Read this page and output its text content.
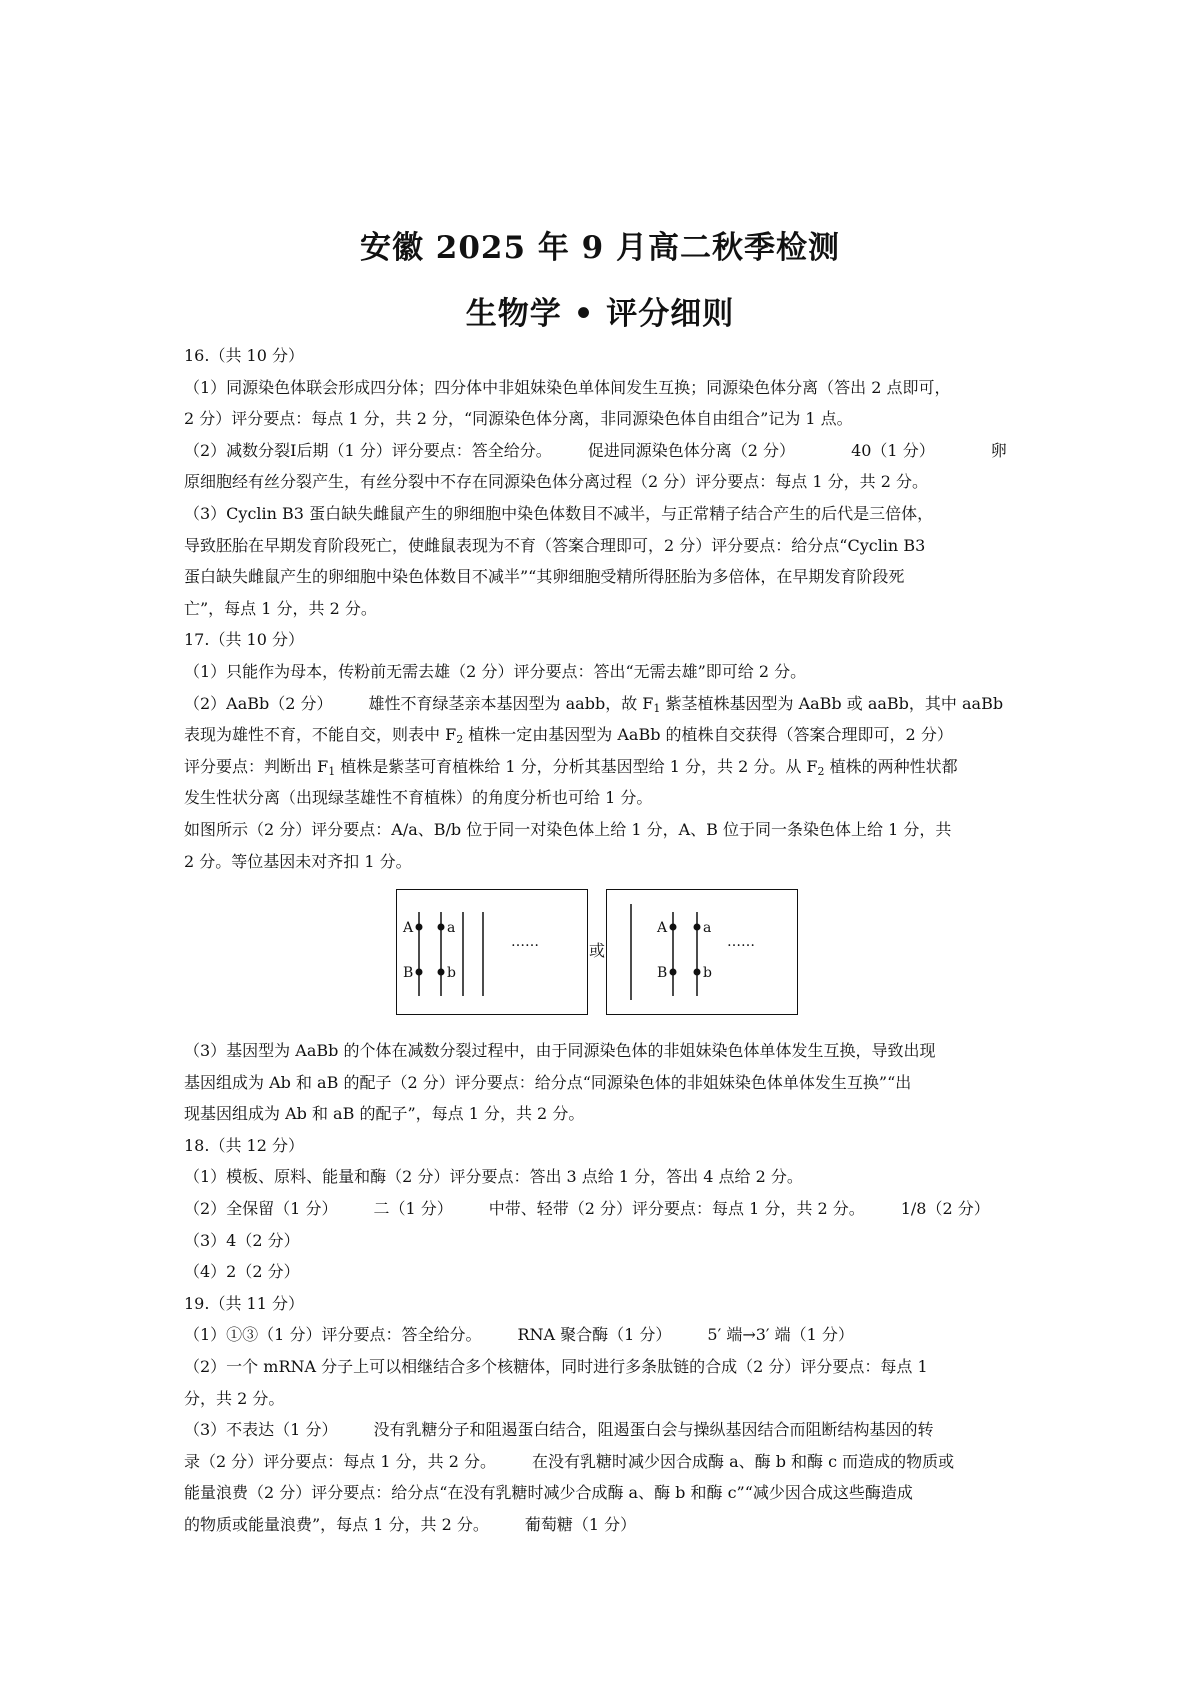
安徽 2025 年 9 月高二秋季检测
生物学 • 评分细则
16.（共 10 分）
（1）同源染色体联会形成四分体；四分体中非姐妹染色单体间发生互换；同源染色体分离（答出 2 点即可，
2 分）评分要点：每点 1 分，共 2 分，“同源染色体分离，非同源染色体自由组合”记为 1 点。
（2）减数分裂Ⅰ后期（1 分）评分要点：答全给分。 促进同源染色体分离（2 分）	40（1 分）	卵
原细胞经有丝分裂产生，有丝分裂中不存在同源染色体分离过程（2 分）评分要点：每点 1 分，共 2 分。
（3）Cyclin B3 蛋白缺失雌鼠产生的卵细胞中染色体数目不减半，与正常精子结合产生的后代是三倍体，
导致胚胎在早期发育阶段死亡，使雌鼠表现为不育（答案合理即可，2 分）评分要点：给分点“Cyclin B3
蛋白缺失雌鼠产生的卵细胞中染色体数目不减半”“其卵细胞受精所得胚胎为多倍体，在早期发育阶段死
亡”，每点 1 分，共 2 分。
17.（共 10 分）
（1）只能作为母本，传粉前无需去雄（2 分）评分要点：答出“无需去雄”即可给 2 分。
（2）AaBb（2 分） 雄性不育绿茎亲本基因型为 aabb，故 $F_1$ 紫茎植株基因型为 AaBb 或 aaBb，其中 aaBb
表现为雄性不育，不能自交，则表中 $F_2$ 植株一定由基因型为 AaBb 的植株自交获得（答案合理即可，2 分）
评分要点：判断出 $F_1$ 植株是紫茎可育植株给 1 分，分析其基因型给 1 分，共 2 分。从 $F_2$ 植株的两种性状都
发生性状分离（出现绿茎雄性不育植株）的角度分析也可给 1 分。
如图所示（2 分）评分要点：A/a、B/b 位于同一对染色体上给 1 分，A、B 位于同一条染色体上给 1 分，共
2 分。等位基因未对齐扣 1 分。
A a
B b
……	或
A	a
B	b
……
（3）基因型为 AaBb 的个体在减数分裂过程中，由于同源染色体的非姐妹染色体单体发生互换，导致出现
基因组成为 Ab 和 aB 的配子（2 分）评分要点：给分点“同源染色体的非姐妹染色体单体发生互换”“出
现基因组成为 Ab 和 aB 的配子”，每点 1 分，共 2 分。
18.（共 12 分）
（1）模板、原料、能量和酶（2 分）评分要点：答出 3 点给 1 分，答出 4 点给 2 分。
（2）全保留（1 分） 二（1 分） 中带、轻带（2 分）评分要点：每点 1 分，共 2 分。 1/8（2 分）
（3）4（2 分）
（4）2（2 分）
19.（共 11 分）
（1）①③（1 分）评分要点：答全给分。 RNA 聚合酶（1 分） 5′ 端→3′ 端（1 分）
（2）一个 mRNA 分子上可以相继结合多个核糖体，同时进行多条肽链的合成（2 分）评分要点：每点 1
分，共 2 分。
（3）不表达（1 分） 没有乳糖分子和阻遏蛋白结合，阻遏蛋白会与操纵基因结合而阻断结构基因的转
录（2 分）评分要点：每点 1 分，共 2 分。 在没有乳糖时减少因合成酶 a、酶 b 和酶 c 而造成的物质或
能量浪费（2 分）评分要点：给分点“在没有乳糖时减少合成酶 a、酶 b 和酶 c”“减少因合成这些酶造成
的物质或能量浪费”，每点 1 分，共 2 分。 葡萄糖（1 分）
